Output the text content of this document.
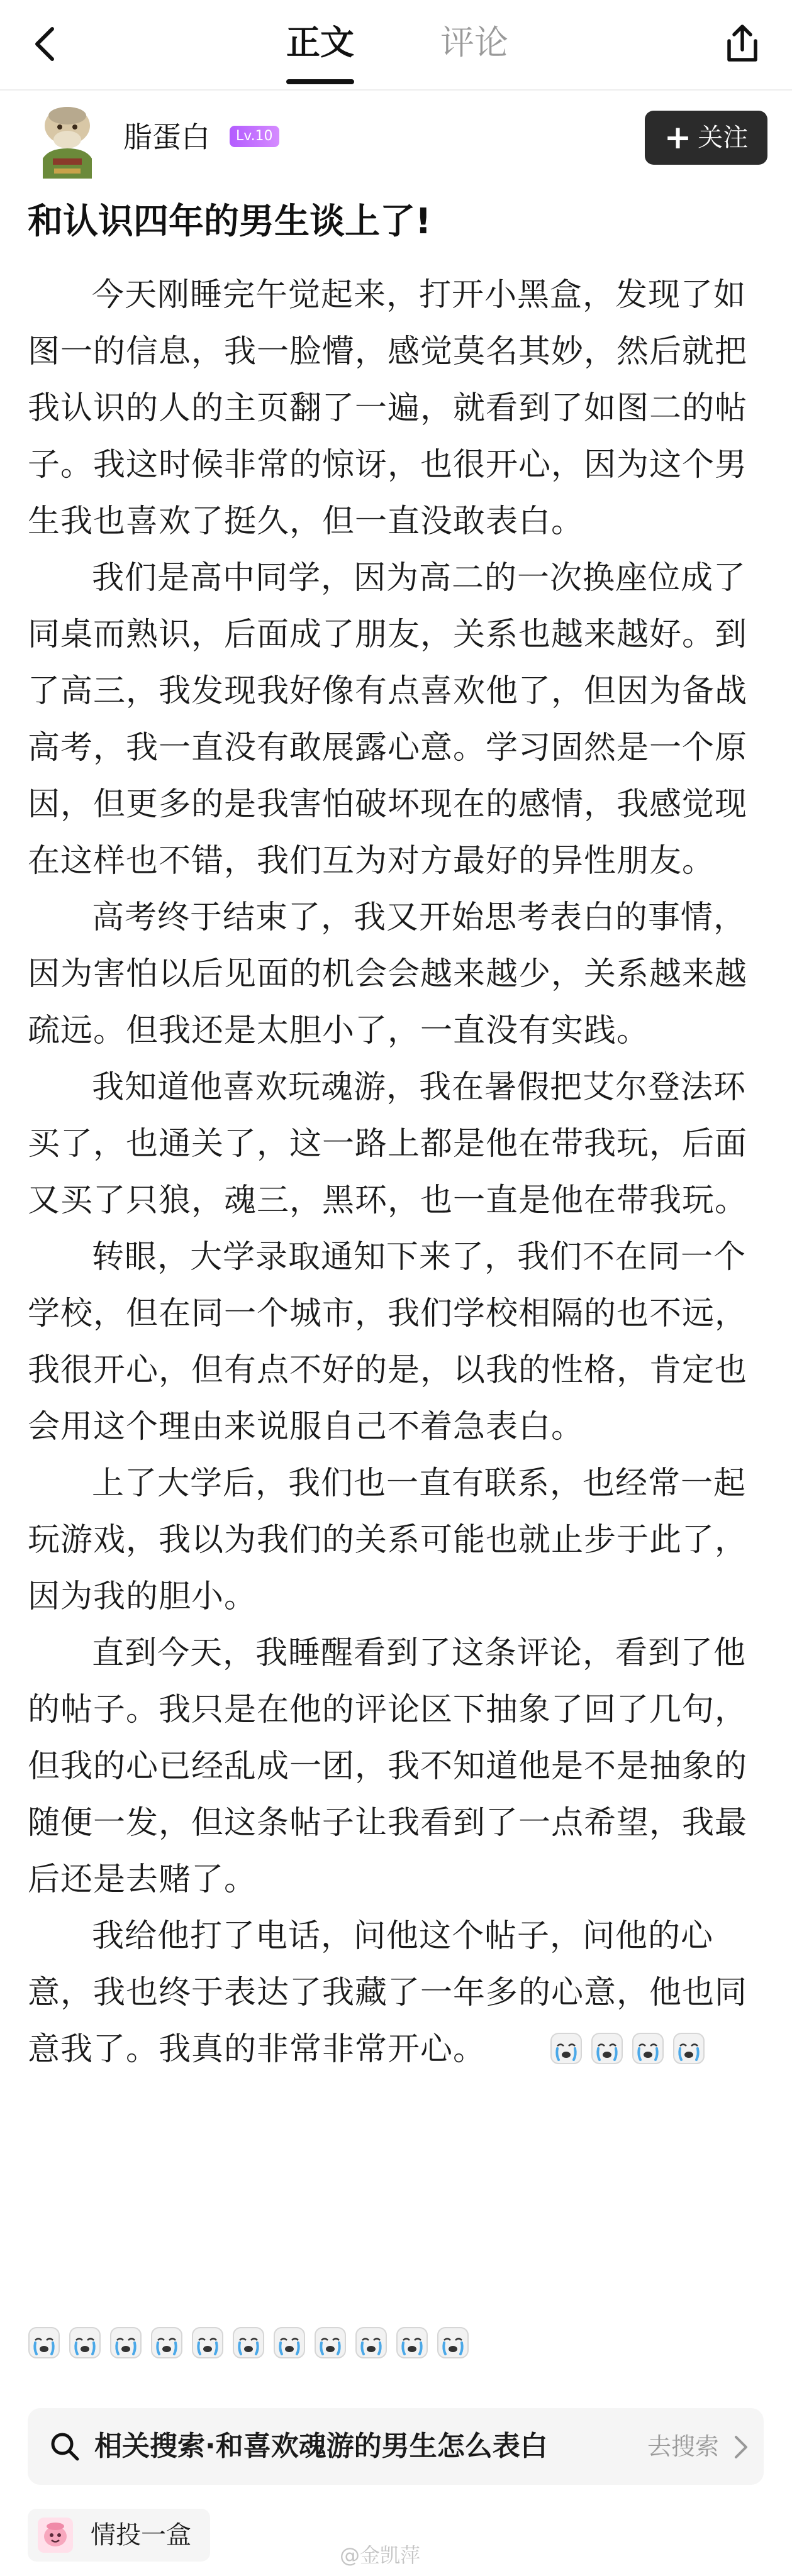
正文	评论
脂蛋白	Lv.10	+ 关注
和认识四年的男生谈上了!

今天刚睡完午觉起来，打开小黑盒，发现了如图一的信息，我一脸懵，感觉莫名其妙，然后就把我认识的人的主页翻了一遍，就看到了如图二的帖子。我这时候非常的惊讶，也很开心，因为这个男生我也喜欢了挺久，但一直没敢表白。

我们是高中同学，因为高二的一次换座位成了同桌而熟识，后面成了朋友，关系也越来越好。到了高三，我发现我好像有点喜欢他了，但因为备战高考，我一直没有敢展露心意。学习固然是一个原因，但更多的是我害怕破坏现在的感情，我感觉现在这样也不错，我们互为对方最好的异性朋友。

高考终于结束了，我又开始思考表白的事情，因为害怕以后见面的机会会越来越少，关系越来越疏远。但我还是太胆小了，一直没有实践。

我知道他喜欢玩魂游，我在暑假把艾尔登法环买了，也通关了，这一路上都是他在带我玩，后面又买了只狼，魂三，黑环，也一直是他在带我玩。

转眼，大学录取通知下来了，我们不在同一个学校，但在同一个城市，我们学校相隔的也不远，我很开心，但有点不好的是，以我的性格，肯定也会用这个理由来说服自己不着急表白。

上了大学后，我们也一直有联系，也经常一起玩游戏，我以为我们的关系可能也就止步于此了，因为我的胆小。

直到今天，我睡醒看到了这条评论，看到了他的帖子。我只是在他的评论区下抽象了回了几句，但我的心已经乱成一团，我不知道他是不是抽象的随便一发，但这条帖子让我看到了一点希望，我最后还是去赌了。

我给他打了电话，问他这个帖子，问他的心意，我也终于表达了我藏了一年多的心意，他也同意我了。我真的非常非常开心。

相关搜索·和喜欢魂游的男生怎么表白	去搜索
情投一盒
@金凯萍
